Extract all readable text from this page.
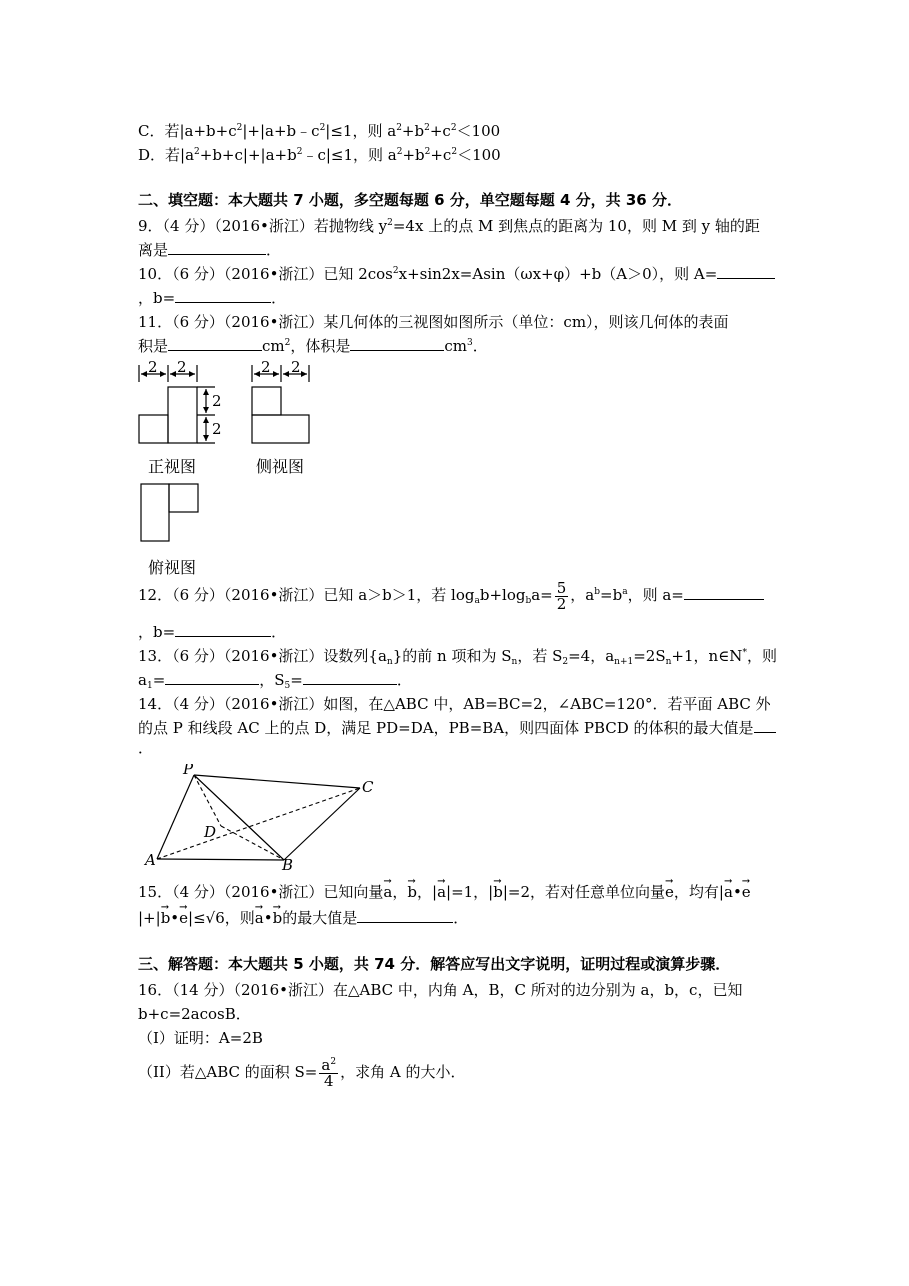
C．若$|a+b+c^2|+|a+b﹣c^2|\le 1$，则 $a^2+b^2+c^2<100$
D．若$|a^2+b+c|+|a+b^2﹣c|\le 1$，则 $a^2+b^2+c^2<100$
二、填空题：本大题共 7 小题，多空题每题 6 分，单空题每题 4 分，共 36 分．
9．（4 分）（2016•浙江）若抛物线 $y^2=4x$ 上的点 M 到焦点的距离为 10，则 M 到 y 轴的距
离是	．
10．（6 分）（2016•浙江）已知 $2\cos^2x+\sin 2x=Asin(\omega x+\varphi)+b(A>0)$，则 A=
，b=	．
11．（6 分）（2016•浙江）某几何体的三视图如图所示（单位：cm），则该几何体的表面
积是	$cm^2$，体积是	$cm^3$．
2 2
2
2
2 2
正视图	侧视图
俯视图
12．（6 分）（2016•浙江）已知 a＞b＞1，若 $\log_ab+\log_ba= \frac{5}{2}$ ，$a^b=b^a$，则 a=
，b=	．
13．（6 分）（2016•浙江）设数列$\{a_n\}$的前 n 项和为 $S_n$，若 $S_2=4$，$a_{n+1}=2S_n+1$，n∈N*，则
$a_1=$	，$S_5=$	．
14．（4 分）（2016•浙江）如图，在△ABC 中，AB=BC=2，∠ABC=120°．若平面 ABC 外
的点 P 和线段 AC 上的点 D，满足 PD=DA，PB=BA，则四面体 PBCD 的体积的最大值是
．
P
C
D
A	B
15．（4 分）（2016•浙江）已知向量→ a，→ b，|→ a|=1，|→ b|=2，若对任意单位向量→ e，均有|→ a•→ e
|+|→ b•→ e|≤√6，则→ a•→ b的最大值是	．
三、解答题：本大题共 5 小题，共 74 分．解答应写出文字说明，证明过程或演算步骤．
16．（14 分）（2016•浙江）在△ABC 中，内角 A，B，C 所对的边分别为 a，b，c，已知
b+c=2acosB．
（I）证明：A=2B
（II）若△ABC 的面积 $S= \frac{a^2}{4}$ ，求角 A 的大小．
